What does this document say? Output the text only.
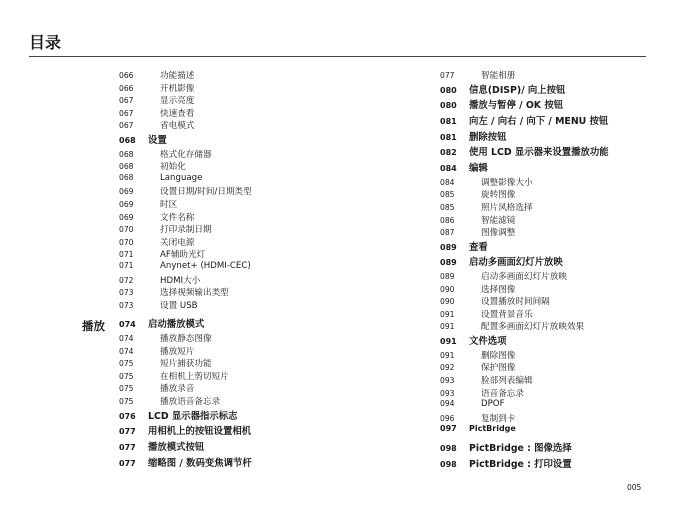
目录
播放
066	功能描述
066	开机影像
067	显示亮度
067	快速查看
067	省电模式
068	设置
068	格式化存储器
068	初始化
068	Language
069	设置日期/时间/日期类型
069	时区
069	文件名称
070	打印录制日期
070	关闭电源
071	AF辅助光灯
071	Anynet+ (HDMI-CEC)
072	HDMI大小
073	选择视频输出类型
073	设置 USB
074	启动播放模式
074	播放静态图像
074	播放短片
075	短片捕获功能
075	在相机上剪切短片
075	播放录音
075	播放语音备忘录
076	LCD 显示器指示标志
077	用相机上的按钮设置相机
077	播放模式按钮
077	缩略图 / 数码变焦调节杆
077	智能相册
080	信息(DISP)/ 向上按钮
080	播放与暂停 / OK 按钮
081	向左 / 向右 / 向下 / MENU 按钮
081	删除按钮
082	使用 LCD 显示器来设置播放功能
084	编辑
084	调整影像大小
085	旋转图像
085	照片风格选择
086	智能滤镜
087	图像调整
089	查看
089	启动多画面幻灯片放映
089	启动多画面幻灯片放映
090	选择图像
090	设置播放时间间隔
091	设置背景音乐
091	配置多画面幻灯片放映效果
091	文件选项
091	删除图像
092	保护图像
093	脸部列表编辑
093	语音备忘录
094	DPOF
096	复制到卡
097	PictBridge
098	PictBridge : 图像选择
098	PictBridge : 打印设置
005
